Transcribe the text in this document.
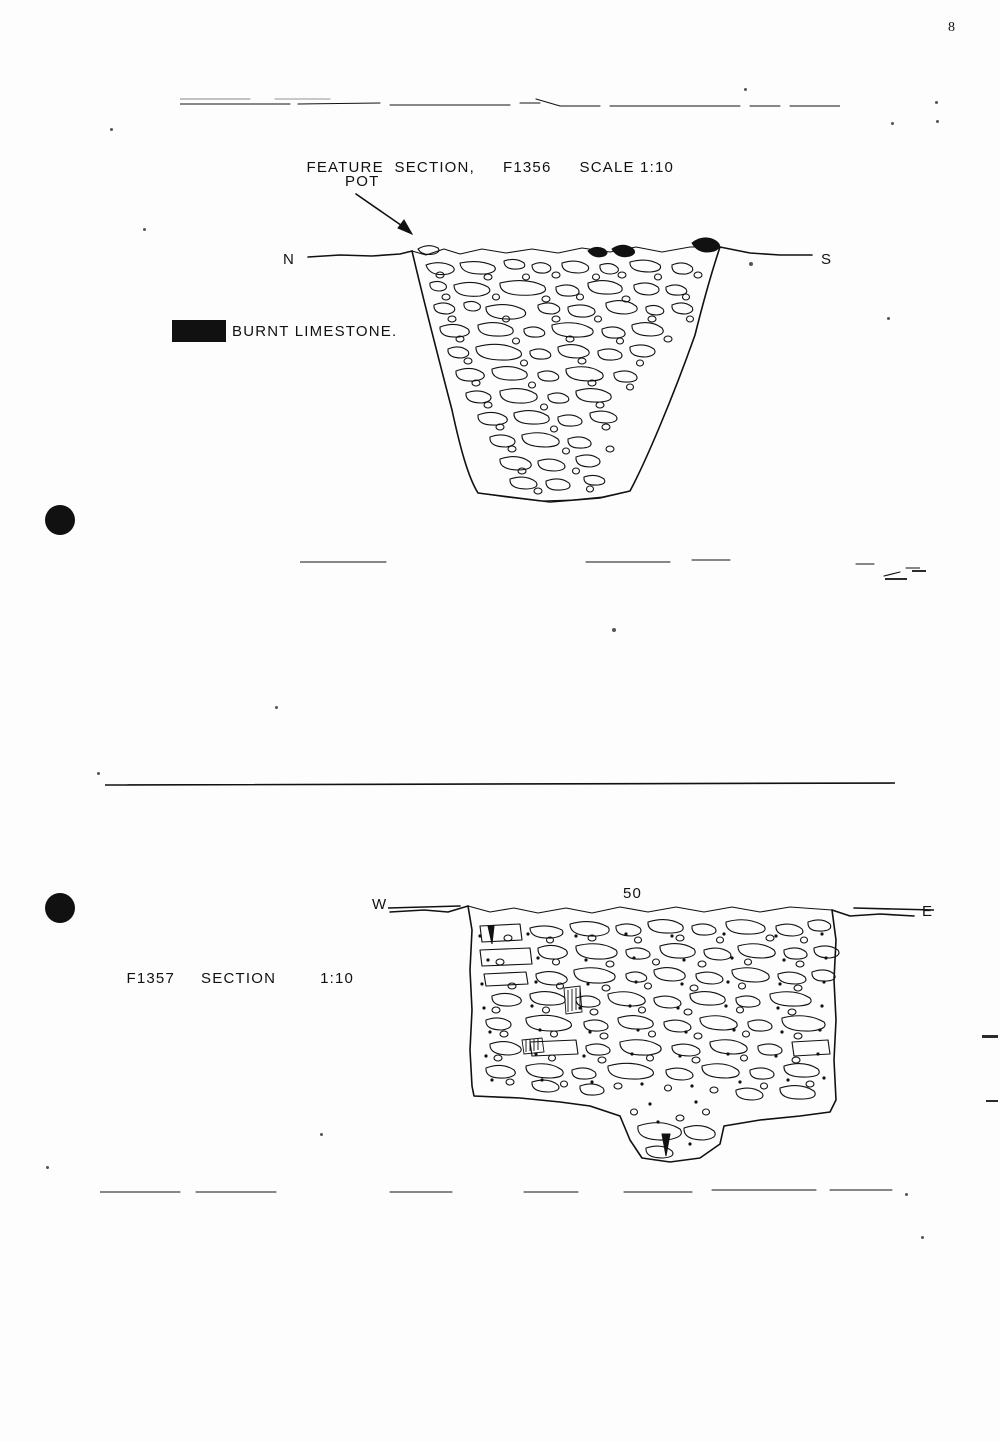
8

FEATURE  SECTION, F1356 SCALE 1:10

POT
N	S
BURNT LIMESTONE.

F1357 SECTION	1:10

W	E
50
